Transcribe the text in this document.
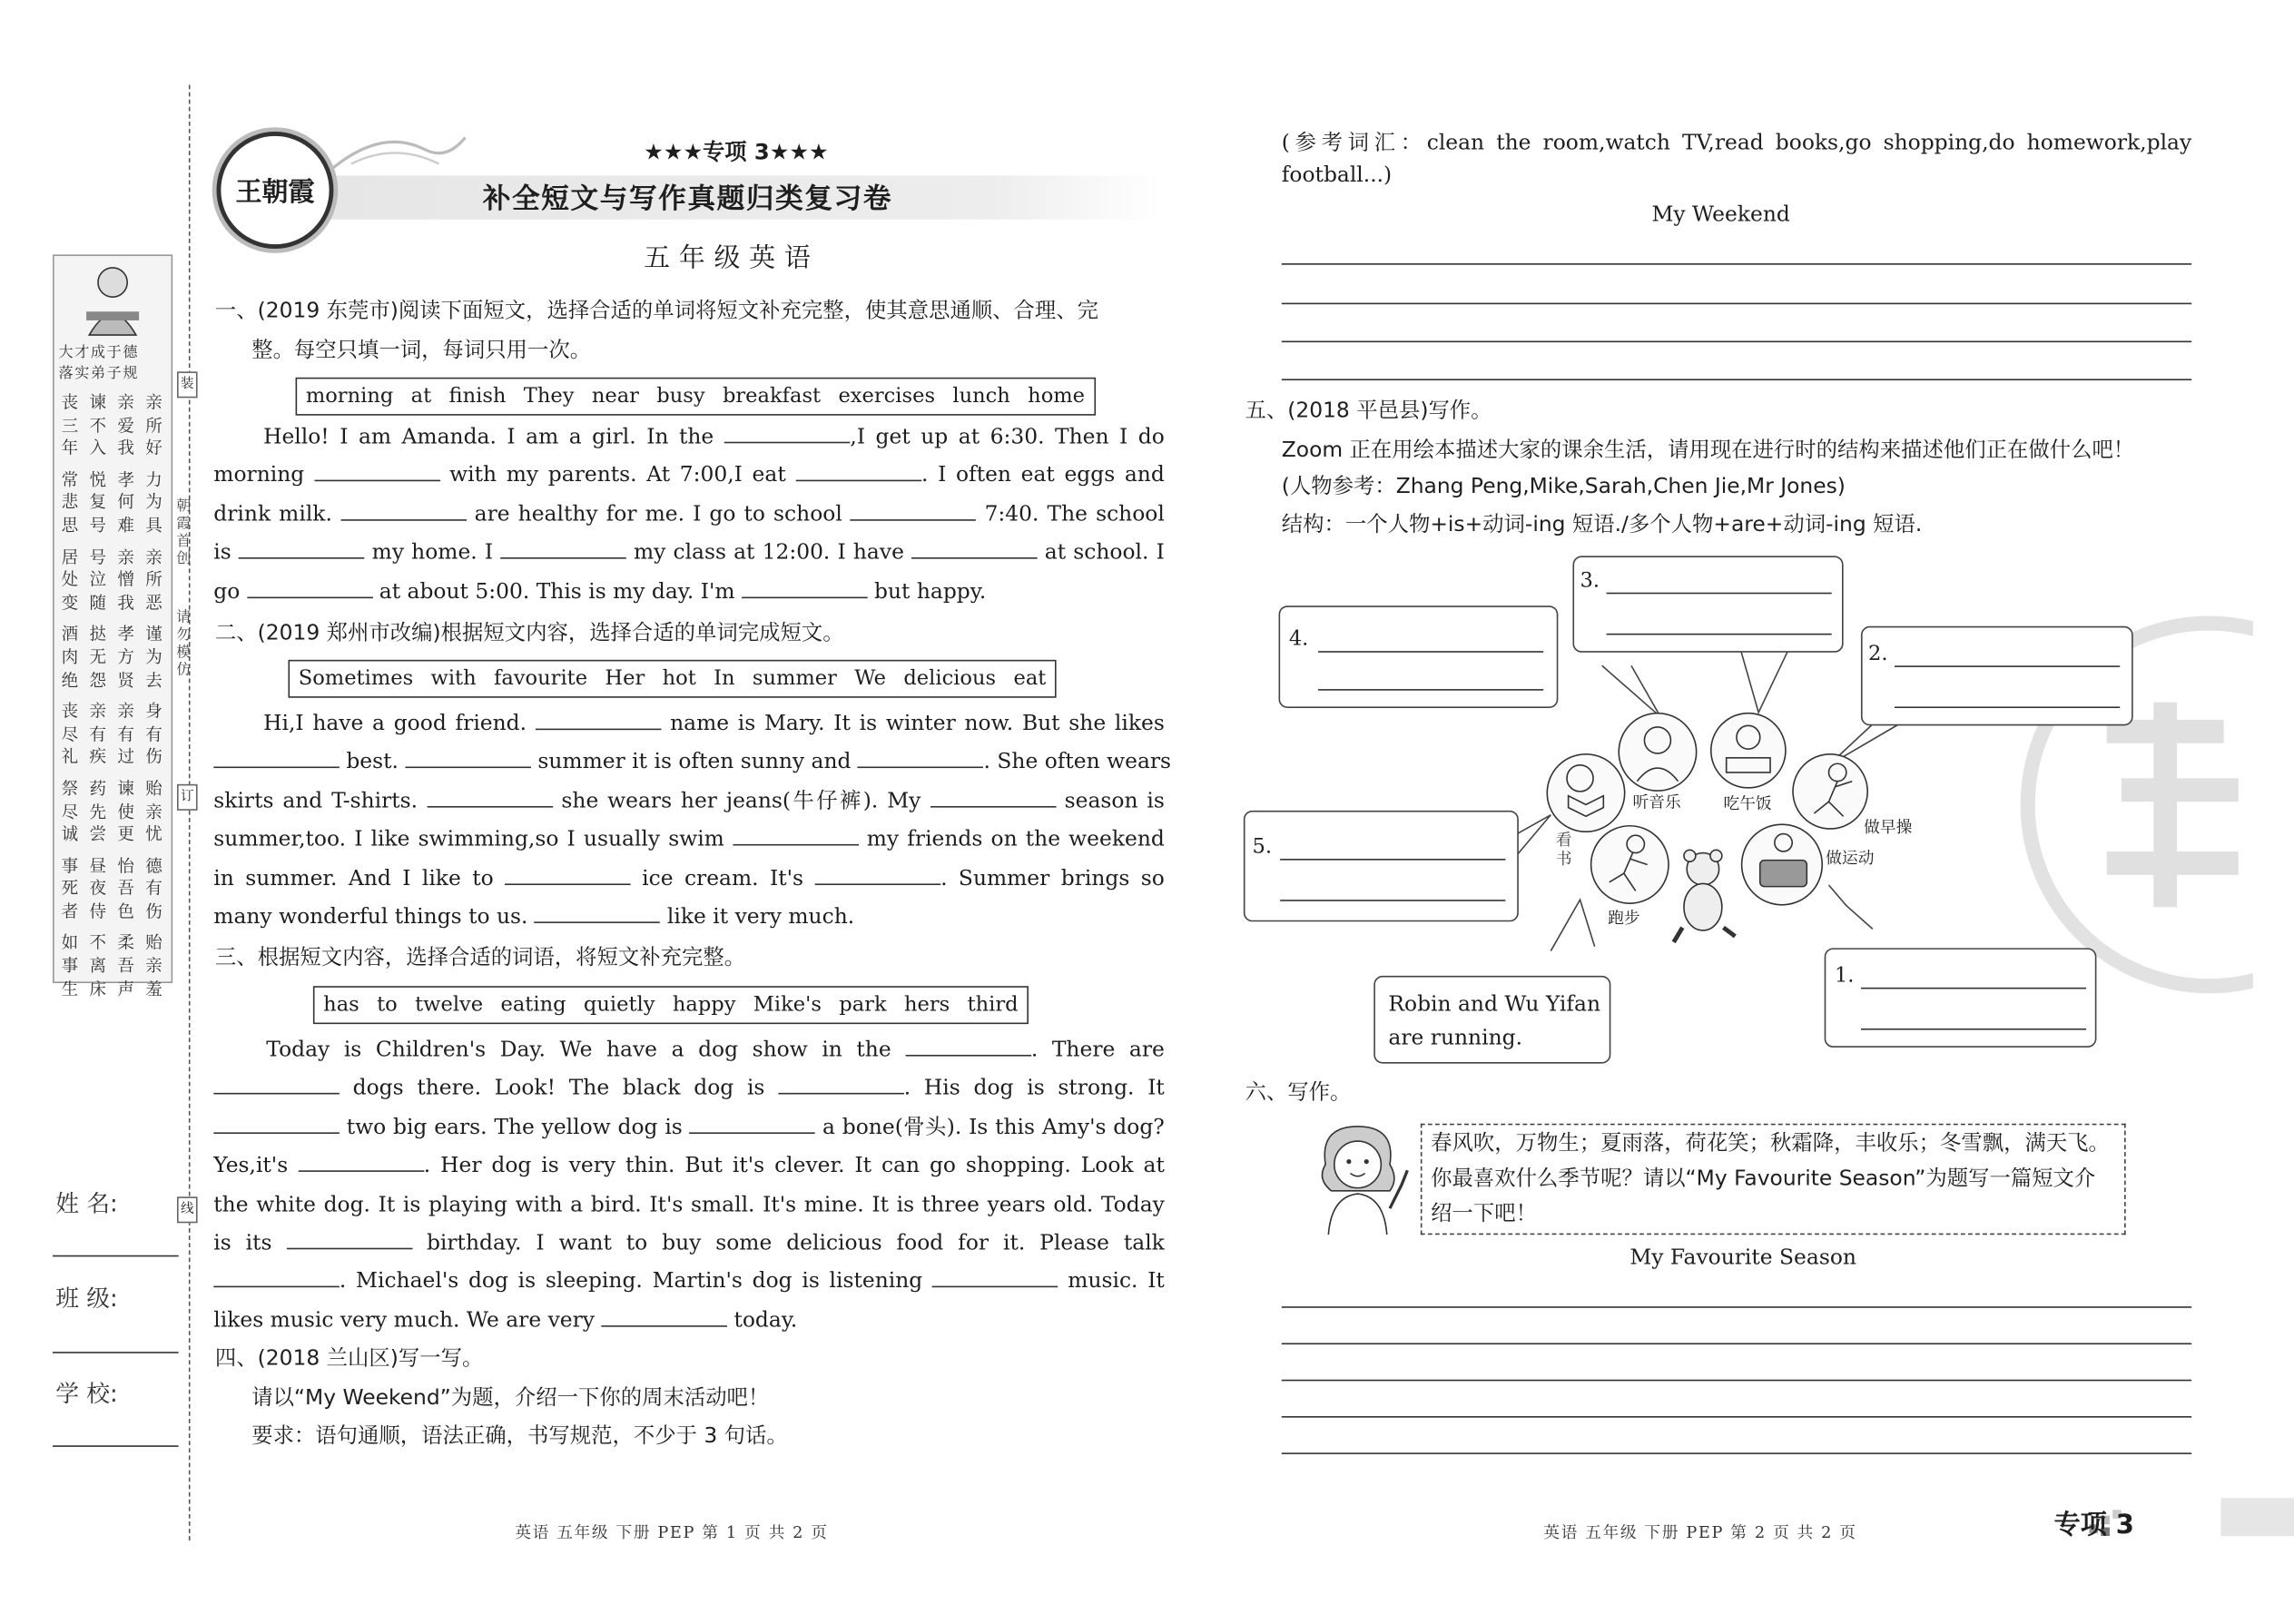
装
订
线
朝霞首创
请勿模仿
大才成于德
落实弟子规
丧 谏 亲 亲
三 不 爱 所
年 入 我 好
常 悦 孝 力
悲 复 何 为
思 号 难 具
居 号 亲 亲
处 泣 憎 所
变 随 我 恶
酒 挞 孝 谨
肉 无 方 为
绝 怨 贤 去
丧 亲 亲 身
尽 有 有 有
礼 疾 过 伤
祭 药 谏 贻
尽 先 使 亲
诚 尝 更 忧
事 昼 怡 德
死 夜 吾 有
者 侍 色 伤
如 不 柔 贻
事 离 吾 亲
生 床 声 羞
姓 名:
班 级:
学 校:
王朝霞
★★★专项 3★★★
补全短文与写作真题归类复习卷
五年级英语
一、(2019 东莞市)阅读下面短文，选择合适的单词将短文补充完整，使其意思通顺、合理、完
整。每空只填一词，每词只用一次。
morning at finish They near busy breakfast exercises lunch home
Hello! I am Amanda. I am a girl. In the	,I get up at 6:30. Then I do
morning	with my parents. At 7:00,I eat	. I often eat eggs and
drink milk.	are healthy for me. I go to school	7:40. The school
is	my home. I	my class at 12:00. I have	at school. I
go	at about 5:00. This is my day. I'm	but happy.
二、(2019 郑州市改编)根据短文内容，选择合适的单词完成短文。
Sometimes with favourite Her hot In summer We delicious eat
Hi,I have a good friend.	name is Mary. It is winter now. But she likes
best.	summer it is often sunny and	. She often wears
skirts and T-shirts.	she wears her jeans(牛仔裤). My	season is
summer,too. I like swimming,so I usually swim	my friends on the weekend
in summer. And I like to	ice cream. It's	. Summer brings so
many wonderful things to us.	like it very much.
三、根据短文内容，选择合适的词语，将短文补充完整。
has to twelve eating quietly happy Mike's park hers third
Today is Children's Day. We have a dog show in the	. There are
dogs there. Look! The black dog is	. His dog is strong. It
two big ears. The yellow dog is	a bone(骨头). Is this Amy's dog?
Yes,it's	. Her dog is very thin. But it's clever. It can go shopping. Look at
the white dog. It is playing with a bird. It's small. It's mine. It is three years old. Today
is its	birthday. I want to buy some delicious food for it. Please talk
. Michael's dog is sleeping. Martin's dog is listening	music. It
likes music very much. We are very	today.
四、(2018 兰山区)写一写。
请以“My Weekend”为题，介绍一下你的周末活动吧！
要求：语句通顺，语法正确，书写规范，不少于 3 句话。
英语 五年级 下册 PEP 第 1 页 共 2 页
(参考词汇：clean the room,watch TV,read books,go shopping,do homework,play
football...)
My Weekend
五、(2018 平邑县)写作。
Zoom 正在用绘本描述大家的课余生活，请用现在进行时的结构来描述他们正在做什么吧！
(人物参考：Zhang Peng,Mike,Sarah,Chen Jie,Mr Jones)
结构：一个人物+is+动词-ing 短语./多个人物+are+动词-ing 短语.
3.
4.
2.
5.
1.
Robin and Wu Yifan are running.
听音乐	吃午饭
做早操
看书
跑步
做运动
六、写作。
春风吹，万物生；夏雨落，荷花笑；秋霜降，丰收乐；冬雪飘，满天飞。你最喜欢什么季节呢？请以“My Favourite Season”为题写一篇短文介绍一下吧！
My Favourite Season
英语 五年级 下册 PEP 第 2 页 共 2 页	专项 3
